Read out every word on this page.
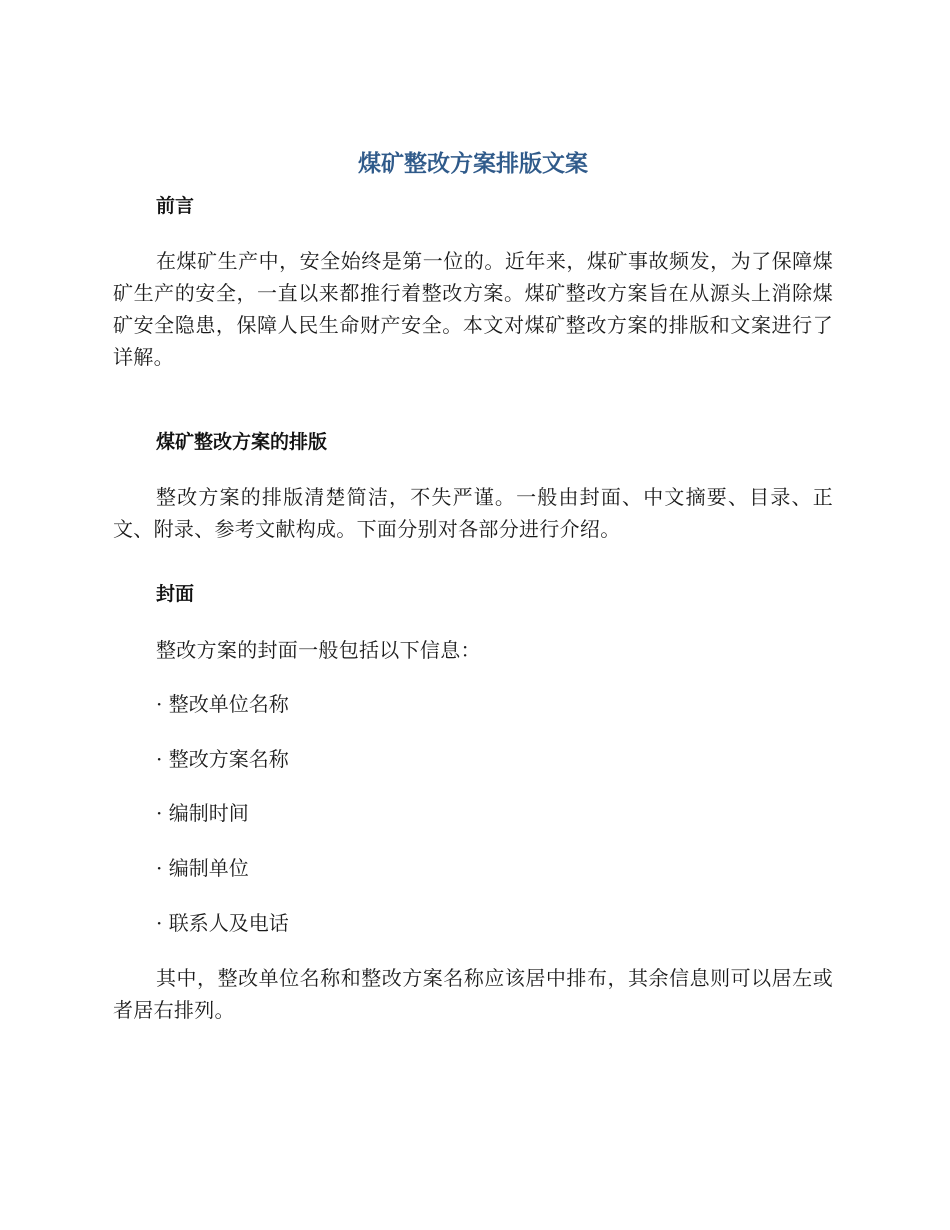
煤矿整改方案排版文案
前言

在煤矿生产中，安全始终是第一位的。近年来，煤矿事故频发，为了保障煤矿生产的安全，一直以来都推行着整改方案。煤矿整改方案旨在从源头上消除煤矿安全隐患，保障人民生命财产安全。本文对煤矿整改方案的排版和文案进行了详解。

煤矿整改方案的排版

整改方案的排版清楚简洁，不失严谨。一般由封面、中文摘要、目录、正文、附录、参考文献构成。下面分别对各部分进行介绍。

封面

整改方案的封面一般包括以下信息：

· 整改单位名称

· 整改方案名称

· 编制时间

· 编制单位

· 联系人及电话

其中，整改单位名称和整改方案名称应该居中排布，其余信息则可以居左或者居右排列。
